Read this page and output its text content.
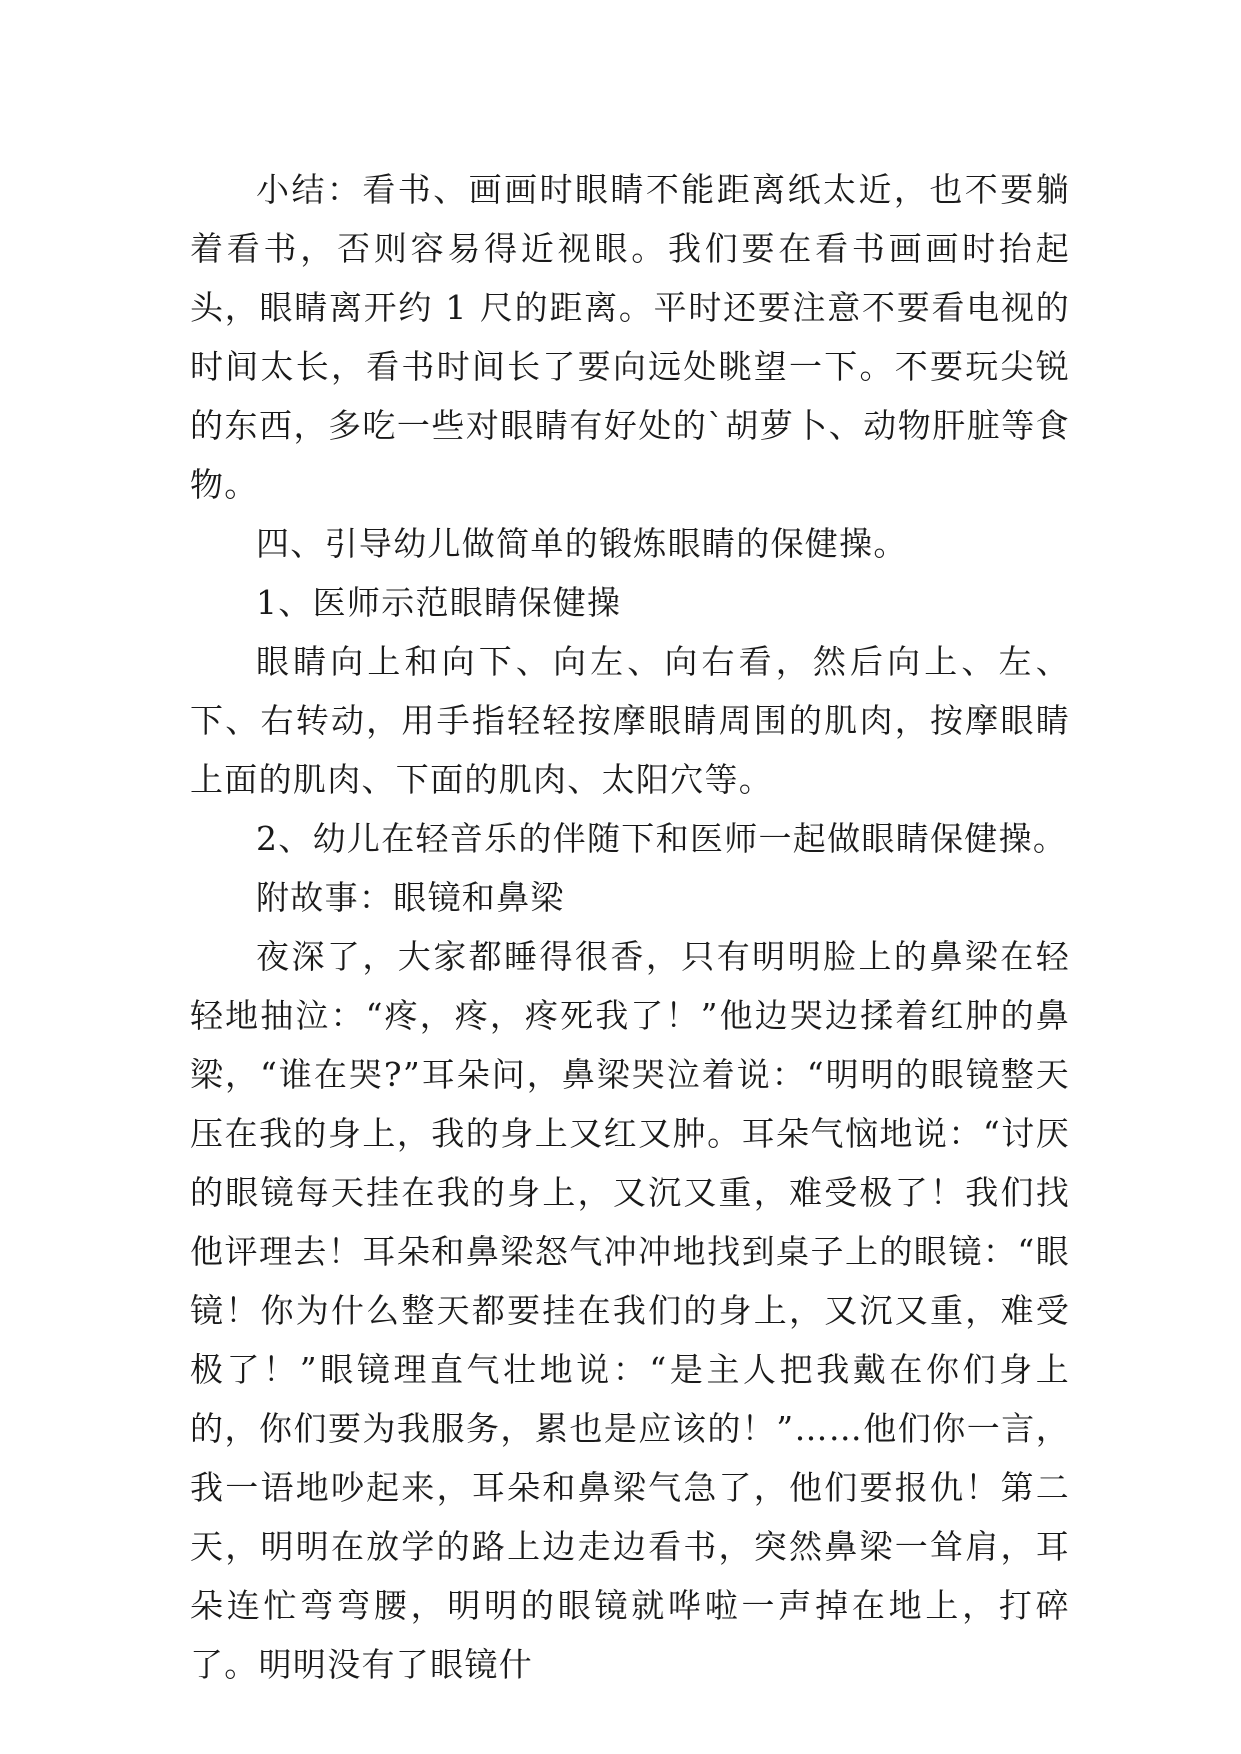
小结：看书、画画时眼睛不能距离纸太近，也不要躺着看书，否则容易得近视眼。我们要在看书画画时抬起头，眼睛离开约 1 尺的距离。平时还要注意不要看电视的时间太长，看书时间长了要向远处眺望一下。不要玩尖锐的东西，多吃一些对眼睛有好处的`胡萝卜、动物肝脏等食物。

四、引导幼儿做简单的锻炼眼睛的保健操。

1、医师示范眼睛保健操

眼睛向上和向下、向左、向右看，然后向上、左、下、右转动，用手指轻轻按摩眼睛周围的肌肉，按摩眼睛上面的肌肉、下面的肌肉、太阳穴等。

2、幼儿在轻音乐的伴随下和医师一起做眼睛保健操。

附故事：眼镜和鼻梁

夜深了，大家都睡得很香，只有明明脸上的鼻梁在轻轻地抽泣：“疼，疼，疼死我了！”他边哭边揉着红肿的鼻梁，“谁在哭?”耳朵问，鼻梁哭泣着说：“明明的眼镜整天压在我的身上，我的身上又红又肿。耳朵气恼地说：“讨厌的眼镜每天挂在我的身上，又沉又重，难受极了！我们找他评理去！耳朵和鼻梁怒气冲冲地找到桌子上的眼镜：“眼镜！你为什么整天都要挂在我们的身上，又沉又重，难受极了！”眼镜理直气壮地说：“是主人把我戴在你们身上的，你们要为我服务，累也是应该的！”……他们你一言，我一语地吵起来，耳朵和鼻梁气急了，他们要报仇！第二天，明明在放学的路上边走边看书，突然鼻梁一耸肩，耳朵连忙弯弯腰，明明的眼镜就哗啦一声掉在地上，打碎了。明明没有了眼镜什
